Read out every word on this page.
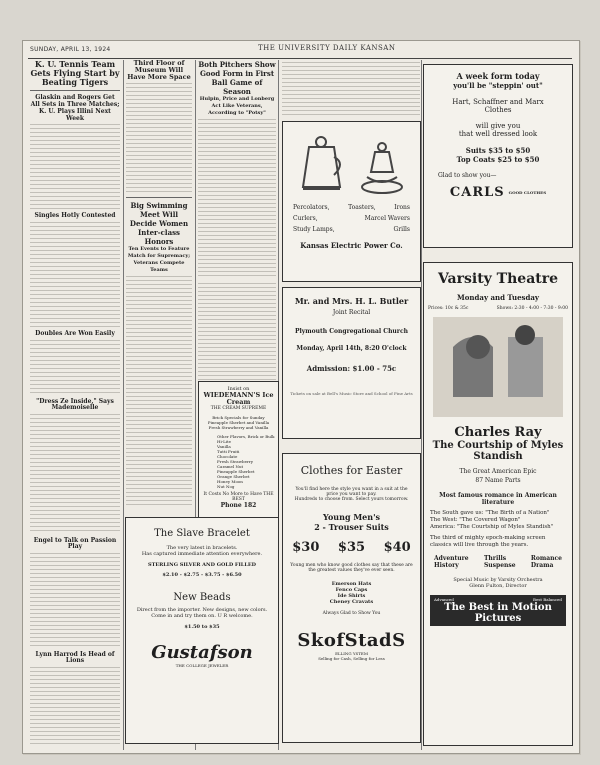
SUNDAY, APRIL 13, 1924	THE UNIVERSITY DAILY KANSAN
K. U. Tennis Team Gets Flying Start by Beating Tigers
Glaskin and Rogers Get All Sets in Three Matches; K. U. Plays Illini Next Week
Singles Hotly Contested
Doubles Are Won Easily
"Dress Ze Inside," Says Mademoiselle
Engel to Talk on Passion Play
Lynn Harrod Is Head of Lions
Third Floor of Museum Will Have More Space
Big Swimming Meet Will Decide Women Inter-class Honors
Ten Events to Feature Match for Supremacy; Veterans Compete Teams
Both Pitchers Show Good Form in First Ball Game of Season
Hulpin, Price and Lonberg Act Like Veterans, According to "Potsy"
Percolators,	Toasters,	Irons
Curlers,	Marcel Wavers
Study Lamps,	Grills
Kansas Electric Power Co.
Mr. and Mrs. H. L. Butler
Joint Recital
Plymouth Congregational Church
Monday, April 14th, 8:20 O'clock
Admission: $1.00 - 75c
Tickets on sale at Bell's Music Store and School of Fine Arts
A week form today
you'll be "steppin' out"
Hart, Schaffner and Marx
Clothes
will give you
that well dressed look
Suits $35 to $50
Top Coats $25 to $50
Glad to show you—
CARLS GOOD CLOTHES
Varsity Theatre
Monday and Tuesday
Prices: 10c & 35c	Shows: 2:30 - 4:00 - 7:30 - 9:00
Charles Ray
The Courtship of Myles Standish
The Great American Epic
87 Name Parts
Most famous romance in American literature
The South gave us: "The Birth of a Nation"
The West: "The Covered Wagon"
America: "The Courtship of Myles Standish"
The third of mighty epoch-making screen classics will live through the years.
Adventure
History
Thrills
Suspense
Romance
Drama
Special Music by Varsity Orchestra
Glenn Fulton, Director
Advanced	Best Balanced
The Best in Motion Pictures
Insist on
WIEDEMANN'S Ice Cream
THE CREAM SUPREME
Brick Specials for Sunday
Pineapple Sherbet and Vanilla
Fresh Strawberry and Vanilla
Other Flavors, Brick or Bulk
Hi-Lite
Vanilla
Tutti Fruiti
Chocolate
Fresh Strawberry
Caramel Nut
Pineapple Sherbet
Orange Sherbet
Honey Moon
Nut Nog
It Costs No More to Have THE BEST
Phone 182
The Slave Bracelet
The very latest in bracelets.
Has captured immediate attention everywhere.
STERLING SILVER AND GOLD FILLED
$2.10 - $2.75 - $3.75 - $6.50
New Beads
Direct from the importer. New designs, new colors.
Come in and try them on. U R welcome.
$1.50 to $35
Gustafson
THE COLLEGE JEWELER
Clothes for Easter
You'll find here the style you want in a suit at the price you want to pay.
Hundreds to choose from. Select yours tomorrow.
Young Men's
2 - Trouser Suits
$30 $35 $40
Young men who know good clothes say that these are the greatest values they've ever seen.
Emerson Hats
Fenco Caps
Ide Shirts
Cheney Cravats
Always Glad to Show You
SkofStadS
ELLING YSTEM
Selling for Cash, Selling for Less
